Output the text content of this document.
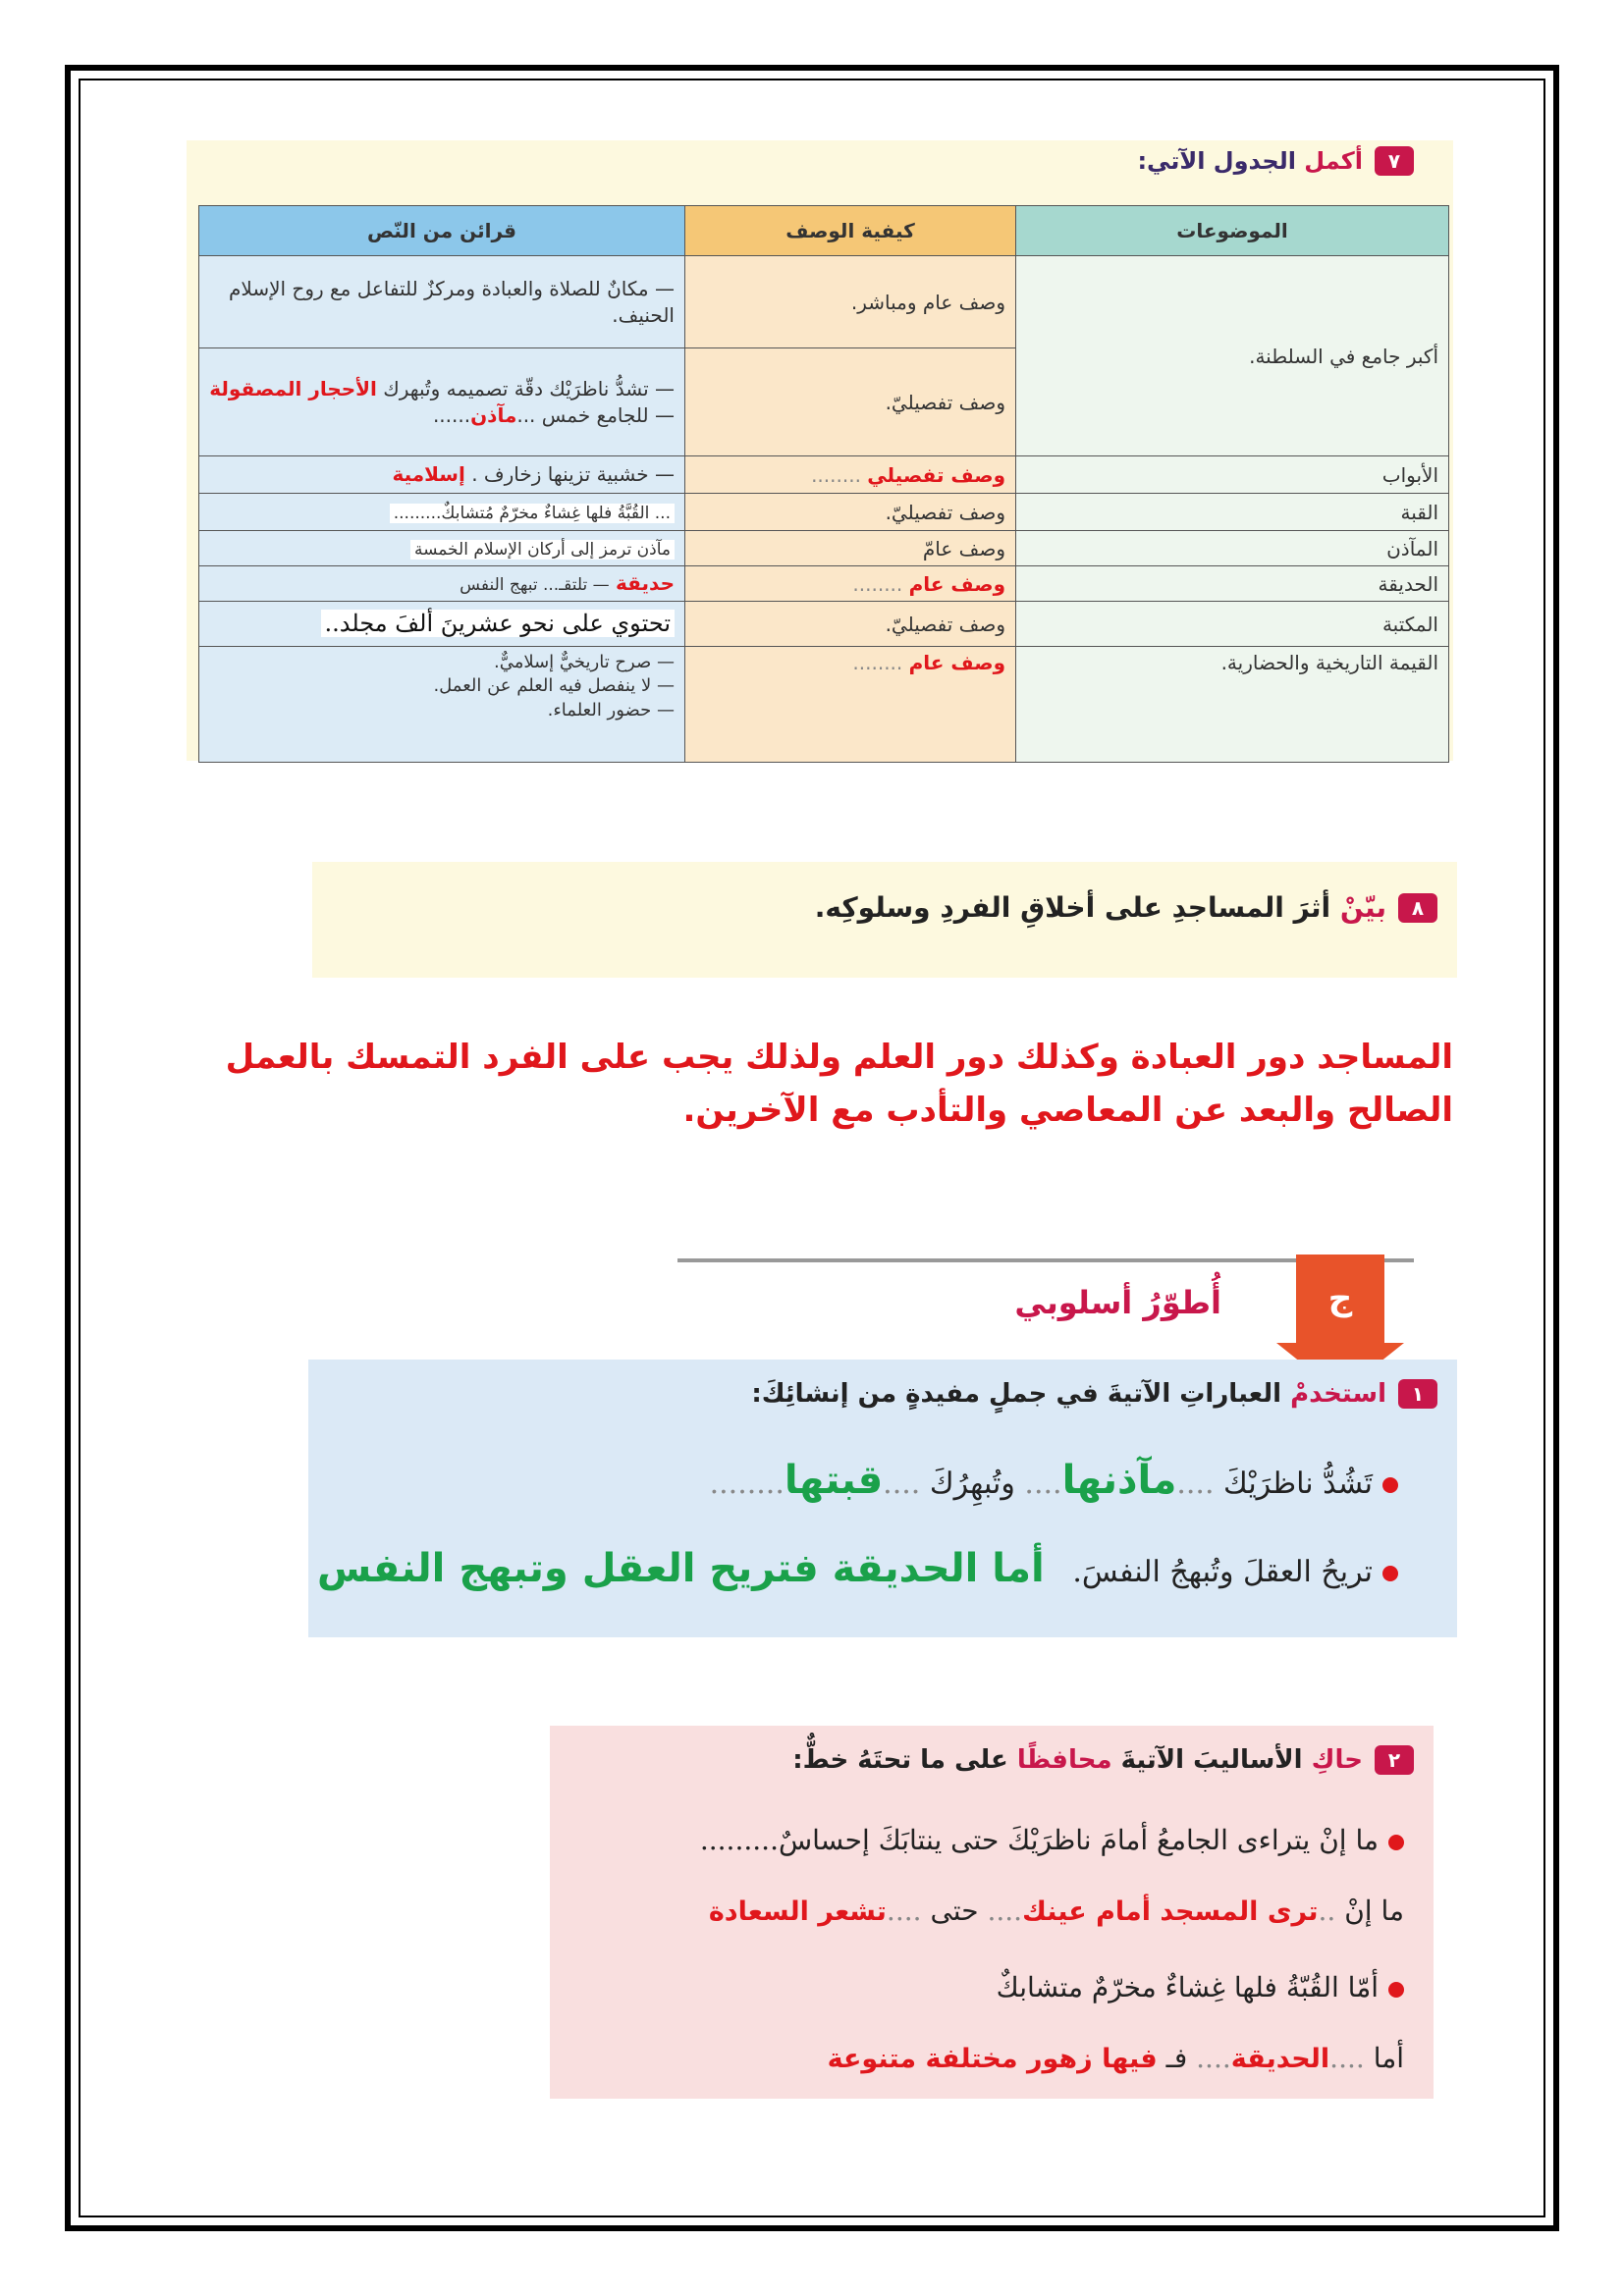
٧
أكمل الجدول الآتي:
الموضوعات	كيفية الوصف	قرائن من النّص
أكبر جامع في السلطنة.	وصف عام ومباشر.	— مكانٌ للصلاة والعبادة ومركزٌ للتفاعل مع روح الإسلام الحنيف.
	وصف تفصيليّ.	— تشدُّ ناظرَيْك دقّة تصميمه وتُبهرك الأحجار المصقولة
— للجامع خمس ...مآذن......
الأبواب	وصف تفصيلي ........	— خشبية تزينها زخارف . إسلامية
القبة	وصف تفصيليّ.	... القُبَّةُ فلها غِشاءٌ مخرّمٌ مُتشابكٌ.........
المآذن	وصف عامّ	مآذن ترمز إلى أركان الإسلام الخمسة
الحديقة	وصف عام ........	حديقة — تلتقـ... تبهج النفس
المكتبة	وصف تفصيليّ.	تحتوي على نحو عشرينَ ألفَ مجلد..
القيمة التاريخية والحضارية.	وصف عام ........	— صرح تاريخيٌّ إسلاميٌّ.
— لا ينفصل فيه العلم عن العمل.
— حضور العلماء.
٨
بيّنْ أثرَ المساجدِ على أخلاقِ الفردِ وسلوكِه.
المساجد دور العبادة وكذلك دور العلم ولذلك يجب على الفرد التمسك بالعمل الصالح والبعد عن المعاصي والتأدب مع الآخرين.
ج
أُطوّرُ أسلوبي
١
استخدمْ العباراتِ الآتيةَ في جملٍ مفيدةٍ من إنشائِكَ:
تَشُدُّ ناظرَيْكَ ....مآذنها.... وتُبهِرُكَ ....قبتها........
تريحُ العقلَ وتُبهجُ النفسَ.   أما الحديقة فتريح العقل وتبهج النفس
٢
حاكِ الأساليبَ الآتيةَ محافظًا على ما تحتَهُ خطٌّ:
ما إنْ يتراءى الجامعُ أمامَ ناظرَيْكَ حتى ينتابَكَ إحساسٌ.........
ما إنْ ..ترى المسجد أمام عينك.... حتى ....تشعر السعادة
أمّا القُبّةُ فلها غِشاءٌ مخرّمٌ متشابكٌ
أما ....الحديقة.... فـ فيها زهور مختلفة متنوعة
